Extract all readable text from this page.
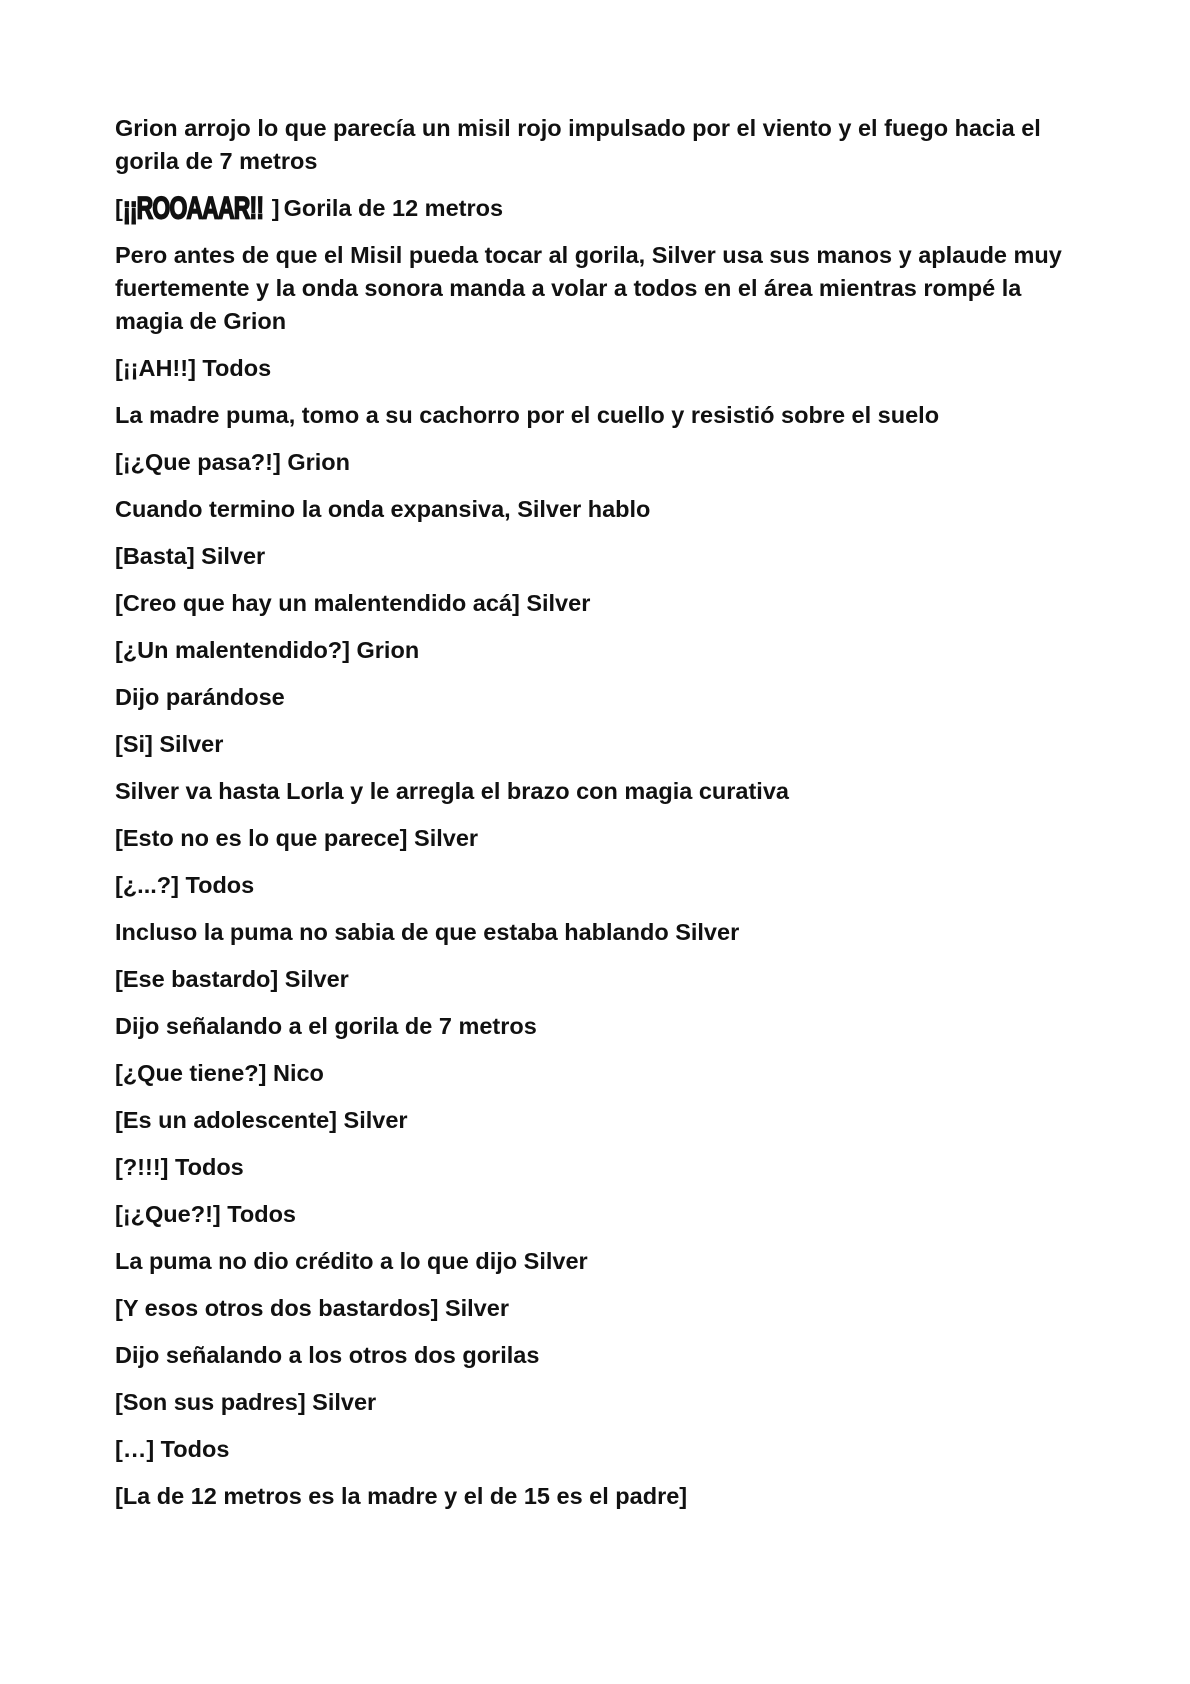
Grion arrojo lo que parecía un misil rojo impulsado por el viento y el fuego hacia el gorila de 7 metros

[ ¡¡ROOAAAR!! ] Gorila de 12 metros

Pero antes de que el Misil pueda tocar al gorila, Silver usa sus manos y aplaude muy fuertemente y la onda sonora manda a volar a todos en el área mientras rompé la magia de Grion

[¡¡AH!!] Todos

La madre puma, tomo a su cachorro por el cuello y resistió sobre el suelo

[¡¿Que pasa?!] Grion

Cuando termino la onda expansiva, Silver hablo

[Basta] Silver

[Creo que hay un malentendido acá] Silver

[¿Un malentendido?] Grion

Dijo parándose

[Si] Silver

Silver va hasta Lorla y le arregla el brazo con magia curativa

[Esto no es lo que parece] Silver

[¿...?] Todos

Incluso la puma no sabia de que estaba hablando Silver

[Ese bastardo] Silver

Dijo señalando a el gorila de 7 metros

[¿Que tiene?] Nico

[Es un adolescente] Silver

[?!!!] Todos

[¡¿Que?!] Todos

La puma no dio crédito a lo que dijo Silver

[Y esos otros dos bastardos] Silver

Dijo señalando a los otros dos gorilas

[Son sus padres] Silver

[…] Todos

[La de 12 metros es la madre y el de 15 es el padre]
